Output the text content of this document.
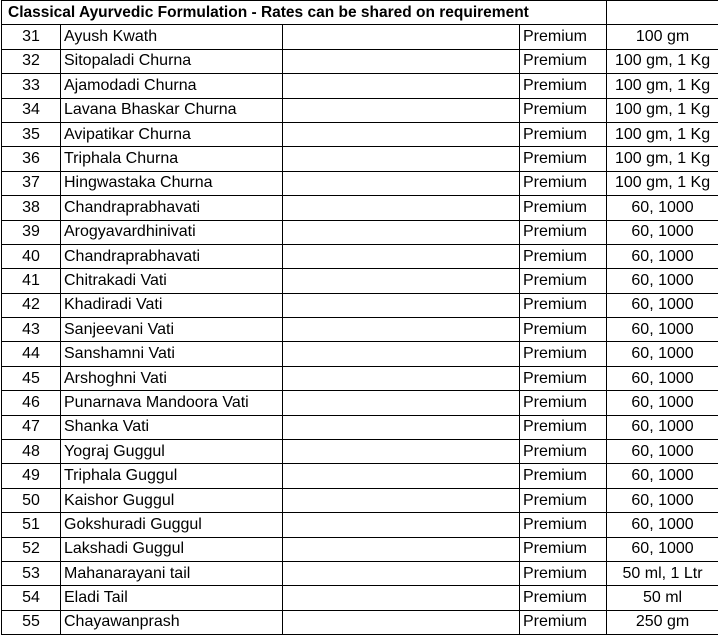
Classical Ayurvedic Formulation - Rates can be shared on requirement				
31	Ayush Kwath		Premium	100 gm
32	Sitopaladi Churna		Premium	100 gm, 1 Kg
33	Ajamodadi Churna		Premium	100 gm, 1 Kg
34	Lavana Bhaskar Churna		Premium	100 gm, 1 Kg
35	Avipatikar Churna		Premium	100 gm, 1 Kg
36	Triphala Churna		Premium	100 gm, 1 Kg
37	Hingwastaka Churna		Premium	100 gm, 1 Kg
38	Chandraprabhavati		Premium	60, 1000
39	Arogyavardhinivati		Premium	60, 1000
40	Chandraprabhavati		Premium	60, 1000
41	Chitrakadi Vati		Premium	60, 1000
42	Khadiradi Vati		Premium	60, 1000
43	Sanjeevani Vati		Premium	60, 1000
44	Sanshamni Vati		Premium	60, 1000
45	Arshoghni Vati		Premium	60, 1000
46	Punarnava Mandoora Vati		Premium	60, 1000
47	Shanka Vati		Premium	60, 1000
48	Yograj Guggul		Premium	60, 1000
49	Triphala Guggul		Premium	60, 1000
50	Kaishor Guggul		Premium	60, 1000
51	Gokshuradi Guggul		Premium	60, 1000
52	Lakshadi Guggul		Premium	60, 1000
53	Mahanarayani tail		Premium	50 ml, 1 Ltr
54	Eladi Tail		Premium	50 ml
55	Chayawanprash		Premium	250 gm
